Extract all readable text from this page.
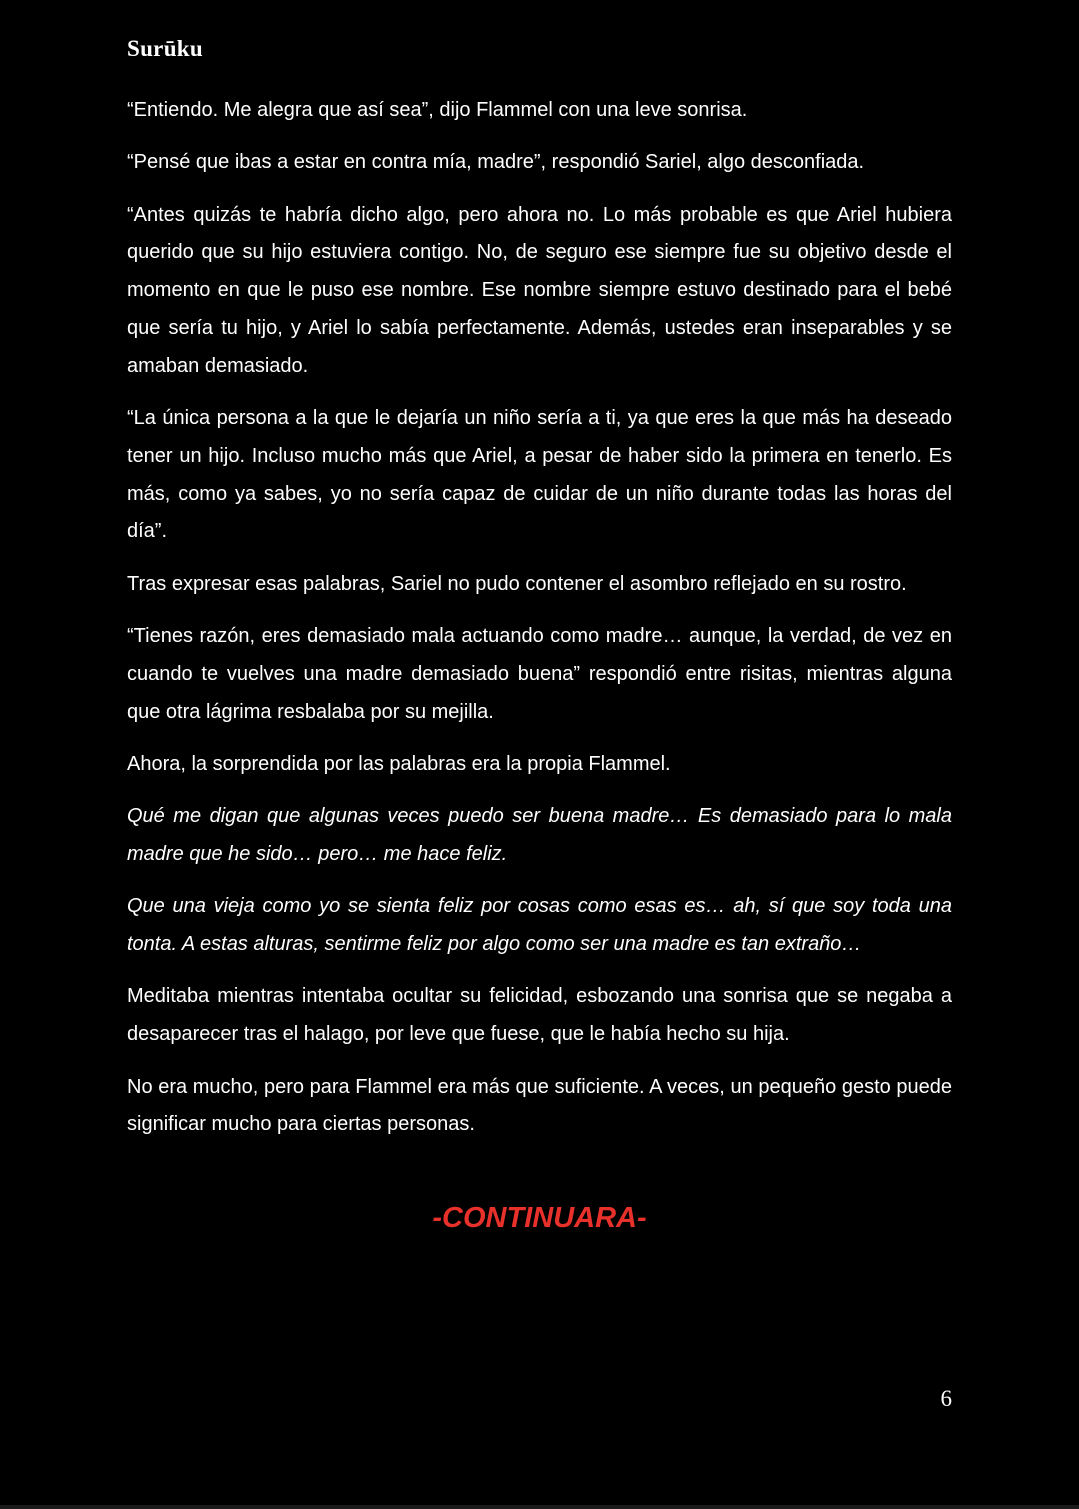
Surūku

“Entiendo. Me alegra que así sea”, dijo Flammel con una leve sonrisa.

“Pensé que ibas a estar en contra mía, madre”, respondió Sariel, algo desconfiada.

“Antes quizás te habría dicho algo, pero ahora no. Lo más probable es que Ariel hubiera querido que su hijo estuviera contigo. No, de seguro ese siempre fue su objetivo desde el momento en que le puso ese nombre. Ese nombre siempre estuvo destinado para el bebé que sería tu hijo, y Ariel lo sabía perfectamente. Además, ustedes eran inseparables y se amaban demasiado.

“La única persona a la que le dejaría un niño sería a ti, ya que eres la que más ha deseado tener un hijo. Incluso mucho más que Ariel, a pesar de haber sido la primera en tenerlo. Es más, como ya sabes, yo no sería capaz de cuidar de un niño durante todas las horas del día”.

Tras expresar esas palabras, Sariel no pudo contener el asombro reflejado en su rostro.

“Tienes razón, eres demasiado mala actuando como madre… aunque, la verdad, de vez en cuando te vuelves una madre demasiado buena” respondió entre risitas, mientras alguna que otra lágrima resbalaba por su mejilla.

Ahora, la sorprendida por las palabras era la propia Flammel.

Qué me digan que algunas veces puedo ser buena madre… Es demasiado para lo mala madre que he sido… pero… me hace feliz.

Que una vieja como yo se sienta feliz por cosas como esas es… ah, sí que soy toda una tonta. A estas alturas, sentirme feliz por algo como ser una madre es tan extraño…

Meditaba mientras intentaba ocultar su felicidad, esbozando una sonrisa que se negaba a desaparecer tras el halago, por leve que fuese, que le había hecho su hija.

No era mucho, pero para Flammel era más que suficiente. A veces, un pequeño gesto puede significar mucho para ciertas personas.

-CONTINUARA-
6
